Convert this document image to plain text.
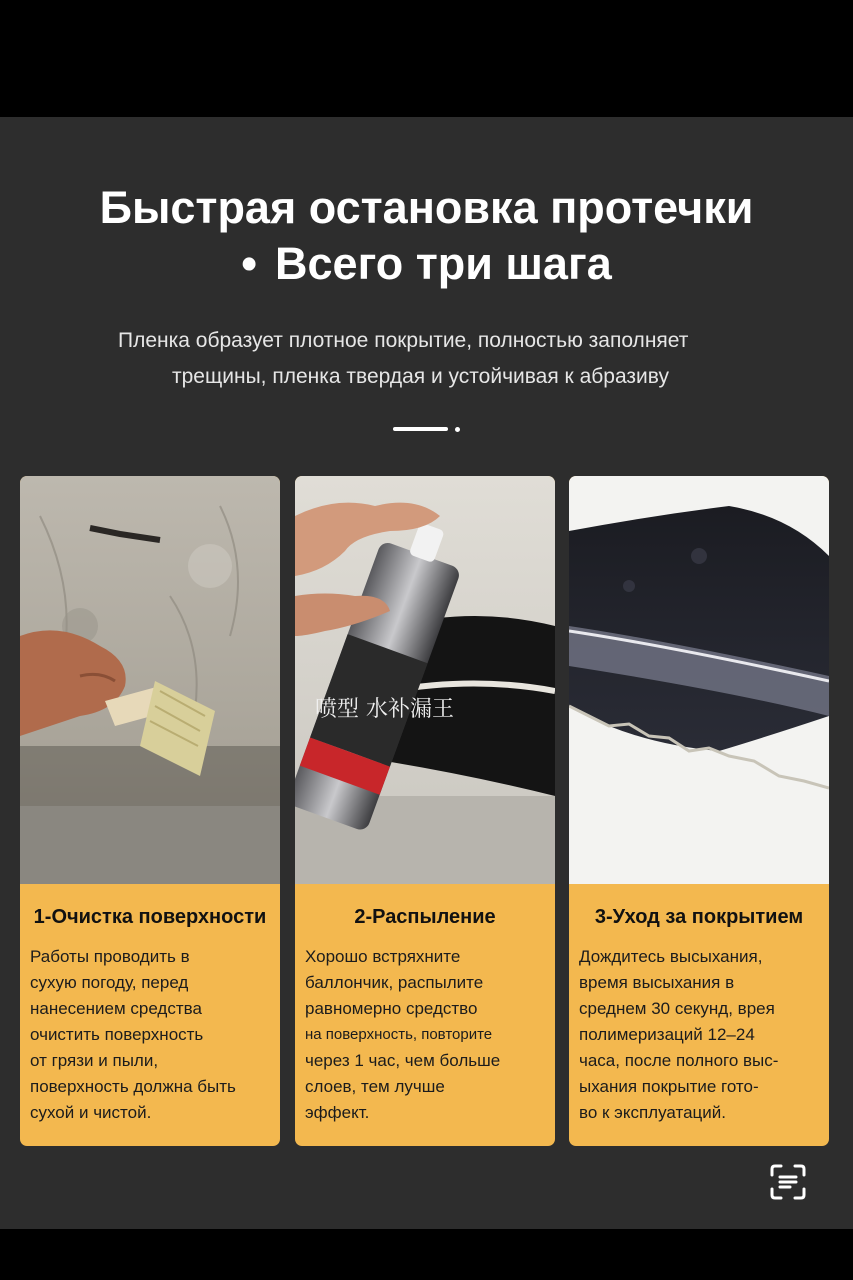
Быстрая остановка протечки
• Всего три шага
Пленка образует плотное покрытие, полностью заполняет
трещины, пленка твердая и устойчивая к абразиву
1-Очистка поверхности
Работы проводить в
сухую погоду, перед
нанесением средства
очистить поверхность
от грязи и пыли,
поверхность должна быть
сухой и чистой.
喷型 水补漏王
2-Распыление
Хорошо встряхните
баллончик, распылите
равномерно средство
на поверхность, повторите
через 1 час, чем больше
слоев, тем лучше
эффект.
3-Уход за покрытием
Дождитесь высыхания,
время высыхания в
среднем 30 секунд, врея
полимеризаций 12–24
часа, после полного выс-
ыхания покрытие гото-
во к эксплуатаций.
